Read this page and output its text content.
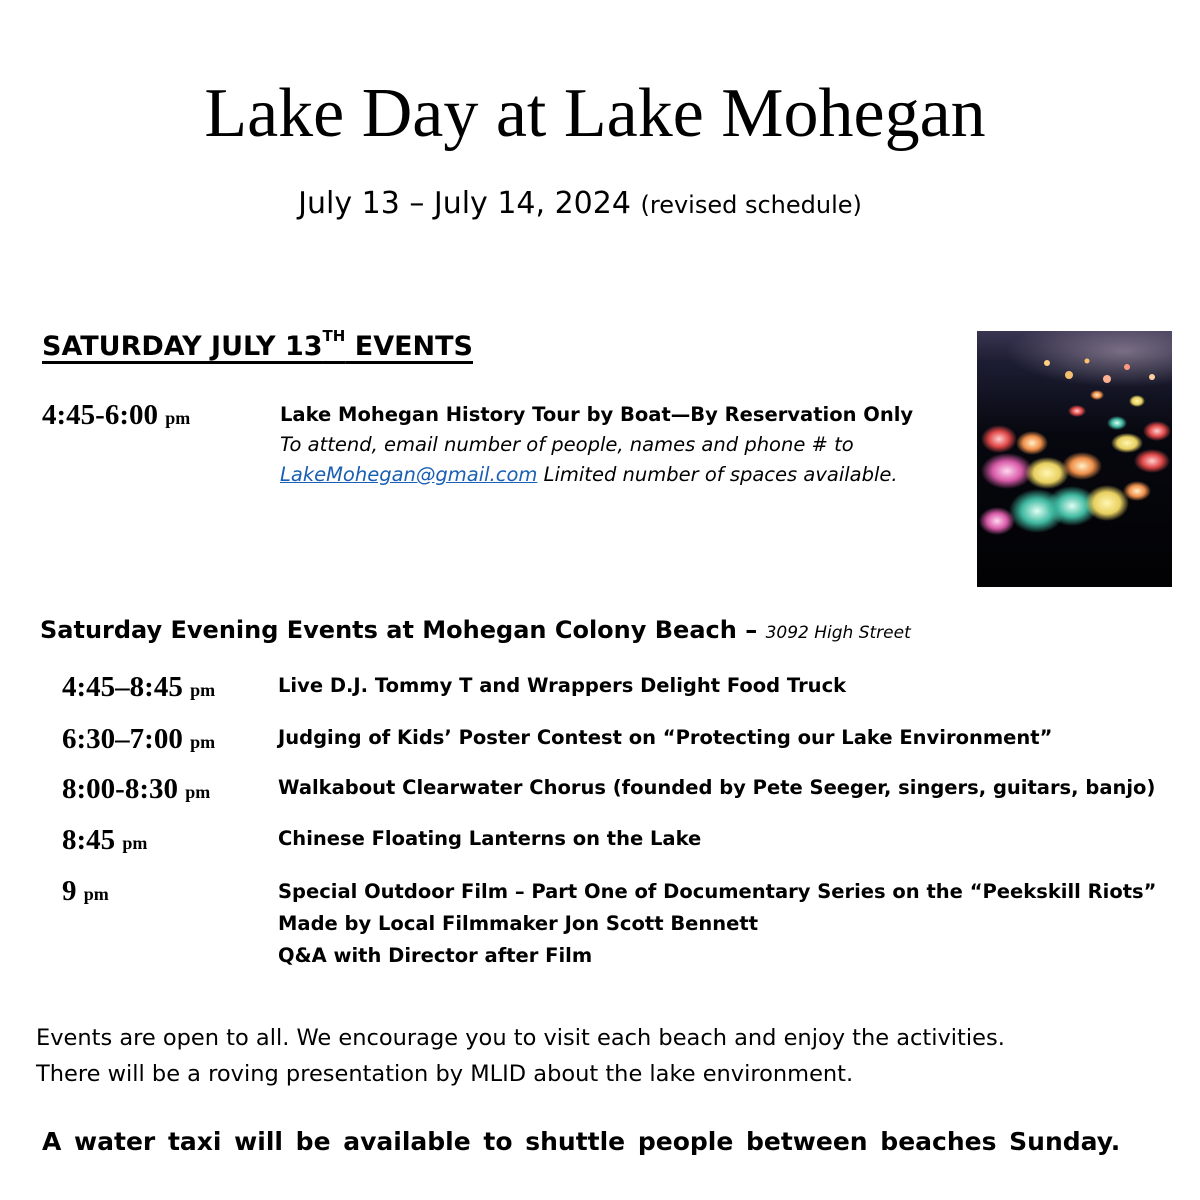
Lake Day at Lake Mohegan
July 13 – July 14, 2024 (revised schedule)
SATURDAY JULY 13TH EVENTS
4:45-6:00 pm	Lake Mohegan History Tour by Boat—By Reservation Only
To attend, email number of people, names and phone # to
LakeMohegan@gmail.com Limited number of spaces available.
Saturday Evening Events at Mohegan Colony Beach – 3092 High Street
4:45–8:45 pm	Live D.J. Tommy T and Wrappers Delight Food Truck
6:30–7:00 pm	Judging of Kids’ Poster Contest on “Protecting our Lake Environment”
8:00-8:30 pm	Walkabout Clearwater Chorus (founded by Pete Seeger, singers, guitars, banjo)
8:45 pm	Chinese Floating Lanterns on the Lake
9 pm	Special Outdoor Film – Part One of Documentary Series on the “Peekskill Riots”
Made by Local Filmmaker Jon Scott Bennett
Q&A with Director after Film
Events are open to all. We encourage you to visit each beach and enjoy the activities.
There will be a roving presentation by MLID about the lake environment.
A water taxi will be available to shuttle people between beaches Sunday.
